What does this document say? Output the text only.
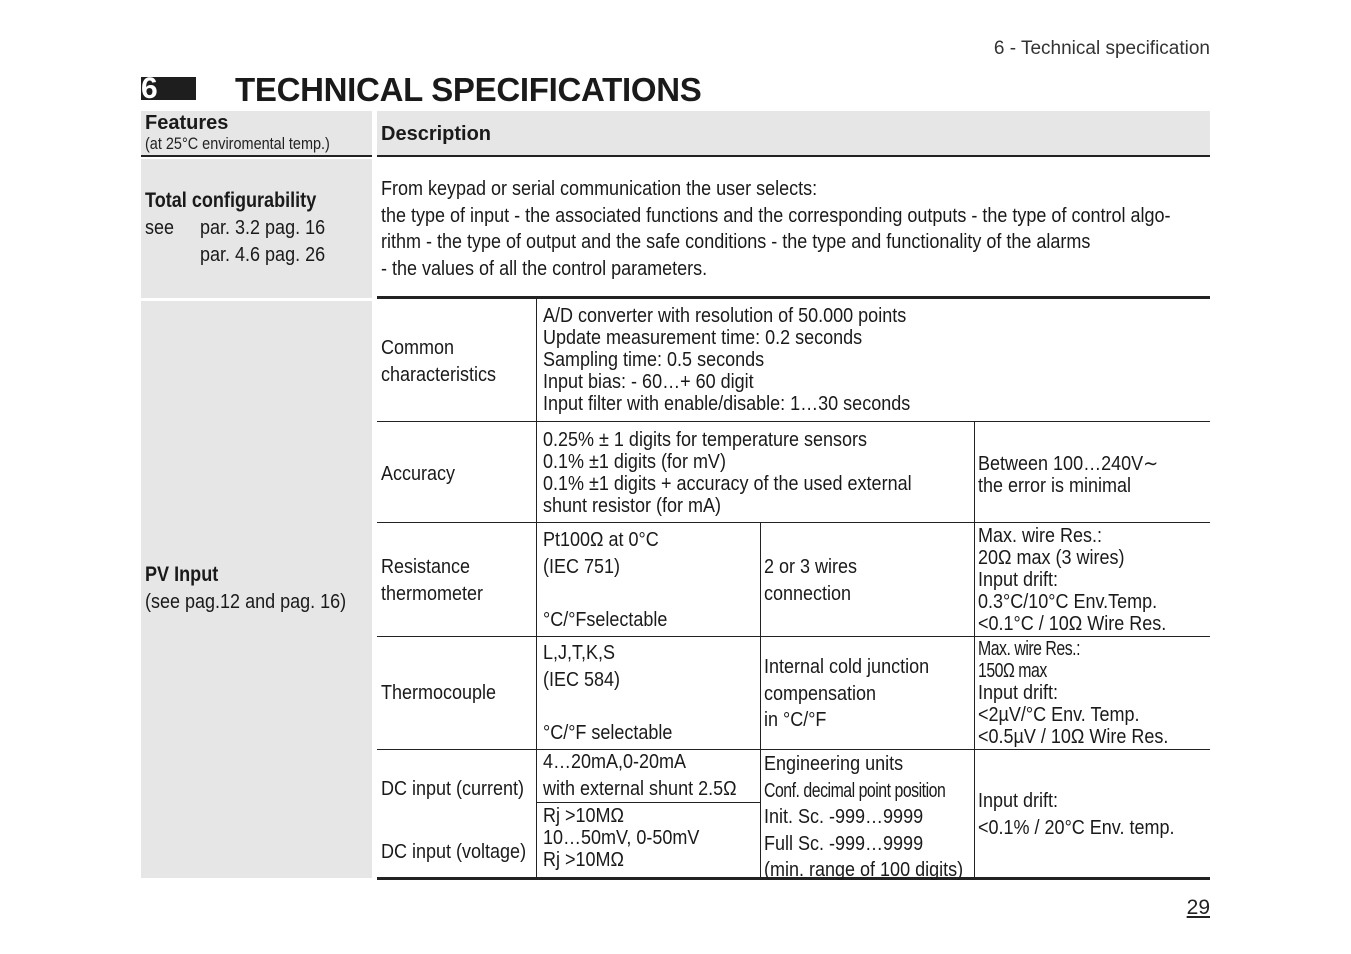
6 - Technical specification
6 TECHNICAL SPECIFICATIONS
Features
(at 25°C enviromental temp.)	Description
Total configurability
see par. 3.2 pag. 16
par. 4.6 pag. 26
From keypad or serial communication the user selects:
the type of input - the associated functions and the corresponding outputs - the type of control algo-
rithm - the type of output and the safe conditions - the type and functionality of the alarms
- the values of all the control parameters.
PV Input
(see pag.12 and pag. 16)
Common
characteristics
A/D converter with resolution of 50.000 points
Update measurement time: 0.2 seconds
Sampling time: 0.5 seconds
Input bias: - 60…+ 60 digit
Input filter with enable/disable: 1…30 seconds
Accuracy
0.25% ± 1 digits for temperature sensors
0.1% ±1 digits (for mV)
0.1% ±1 digits + accuracy of the used external
shunt resistor (for mA)
Between 100…240V∼
the error is minimal
Resistance
thermometer
Pt100Ω at 0°C
(IEC 751)
°C/°Fselectable
2 or 3 wires
connection
Max. wire Res.:
20Ω max (3 wires)
Input drift:
0.3°C/10°C Env.Temp.
<0.1°C / 10Ω Wire Res.
Thermocouple
L,J,T,K,S
(IEC 584)
°C/°F selectable
Internal cold junction
compensation
in °C/°F
Max. wire Res.:
150Ω max
Input drift:
<2µV/°C Env. Temp.
<0.5µV / 10Ω Wire Res.
DC input (current)
DC input (voltage)
4…20mA,0-20mA
with external shunt 2.5Ω
Rj >10MΩ
10…50mV, 0-50mV
Rj >10MΩ
Engineering units
Conf. decimal point position
Init. Sc. -999…9999
Full Sc. -999…9999
(min. range of 100 digits)
Input drift:
<0.1% / 20°C Env. temp.
29
